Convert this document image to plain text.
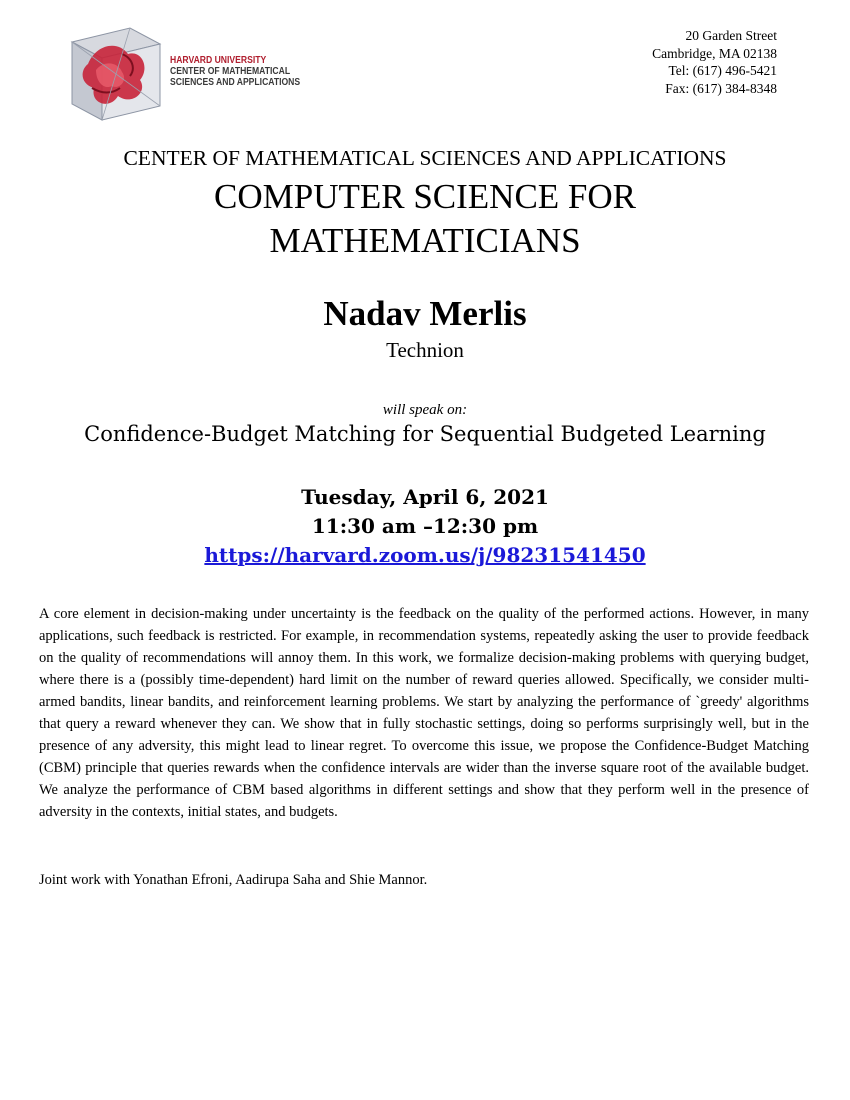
HARVARD UNIVERSITY
CENTER OF MATHEMATICAL
SCIENCES AND APPLICATIONS
20 Garden Street
Cambridge, MA 02138
Tel: (617) 496-5421
Fax: (617) 384-8348
CENTER OF MATHEMATICAL SCIENCES AND APPLICATIONS
COMPUTER SCIENCE FOR
MATHEMATICIANS
Nadav Merlis
Technion
will speak on:
Confidence-Budget Matching for Sequential Budgeted Learning
Tuesday, April 6, 2021
11:30 am –12:30 pm
https://harvard.zoom.us/j/98231541450
A core element in decision-making under uncertainty is the feedback on the quality of the performed actions. However, in many applications, such feedback is restricted. For example, in recommendation systems, repeatedly asking the user to provide feedback on the quality of recommendations will annoy them. In this work, we formalize decision-making problems with querying budget, where there is a (possibly time-dependent) hard limit on the number of reward queries allowed. Specifically, we consider multi-armed bandits, linear bandits, and reinforcement learning problems. We start by analyzing the performance of `greedy' algorithms that query a reward whenever they can. We show that in fully stochastic settings, doing so performs surprisingly well, but in the presence of any adversity, this might lead to linear regret. To overcome this issue, we propose the Confidence-Budget Matching (CBM) principle that queries rewards when the confidence intervals are wider than the inverse square root of the available budget. We analyze the performance of CBM based algorithms in different settings and show that they perform well in the presence of adversity in the contexts, initial states, and budgets.
Joint work with Yonathan Efroni, Aadirupa Saha and Shie Mannor.
